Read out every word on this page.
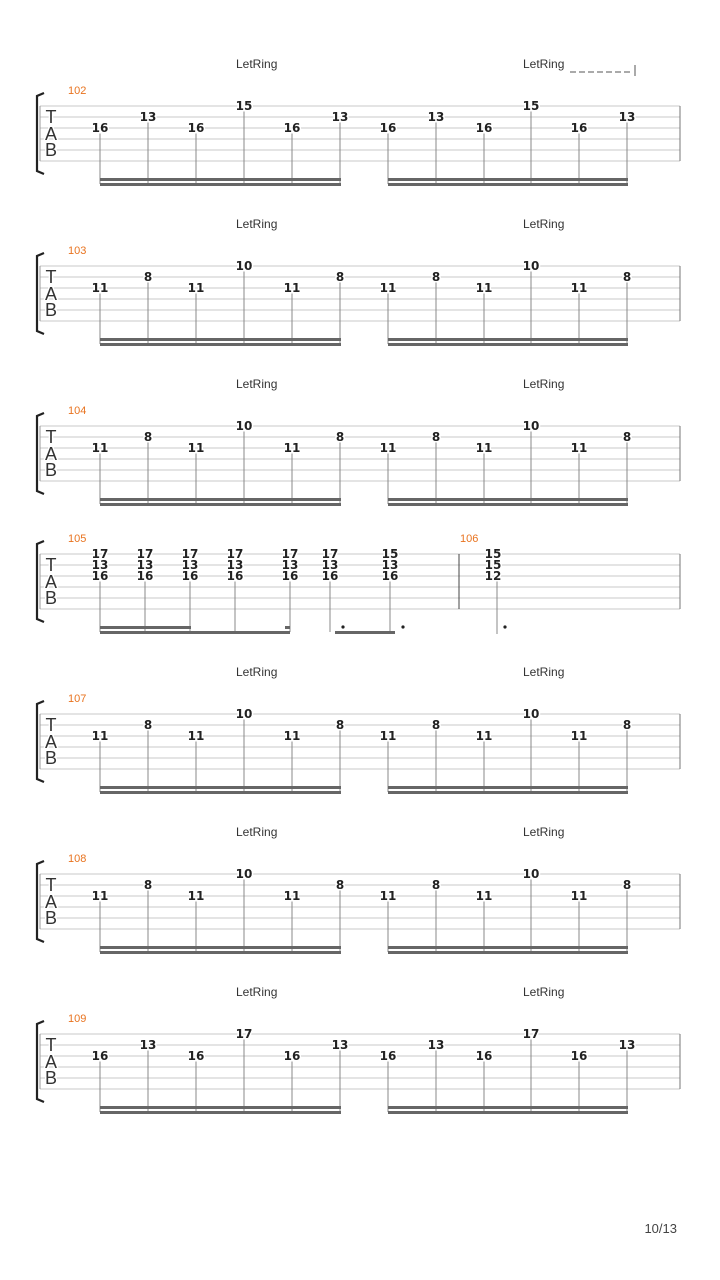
T
A
B
LetRing	LetRing
102
16
13
16
15
16
13
16
13
16
15
16
13
T
A
B
LetRing	LetRing
103
11
8
11
10
11
8
11
8
11
10
11
8
T
A
B
LetRing	LetRing
104
11
8
11
10
11
8
11
8
11
10
11
8
T
A
B
105	106
17
13
16
17
13
16
17
13
16
17
13
16
17
13
16
17
13
16
15
13
16
15
15
12
T
A
B
LetRing	LetRing
107
11
8
11
10
11
8
11
8
11
10
11
8
T
A
B
LetRing	LetRing
108
11
8
11
10
11
8
11
8
11
10
11
8
T
A
B
LetRing	LetRing
109
16
13
16
17
16
13
16
13
16
17
16
13
10/13
